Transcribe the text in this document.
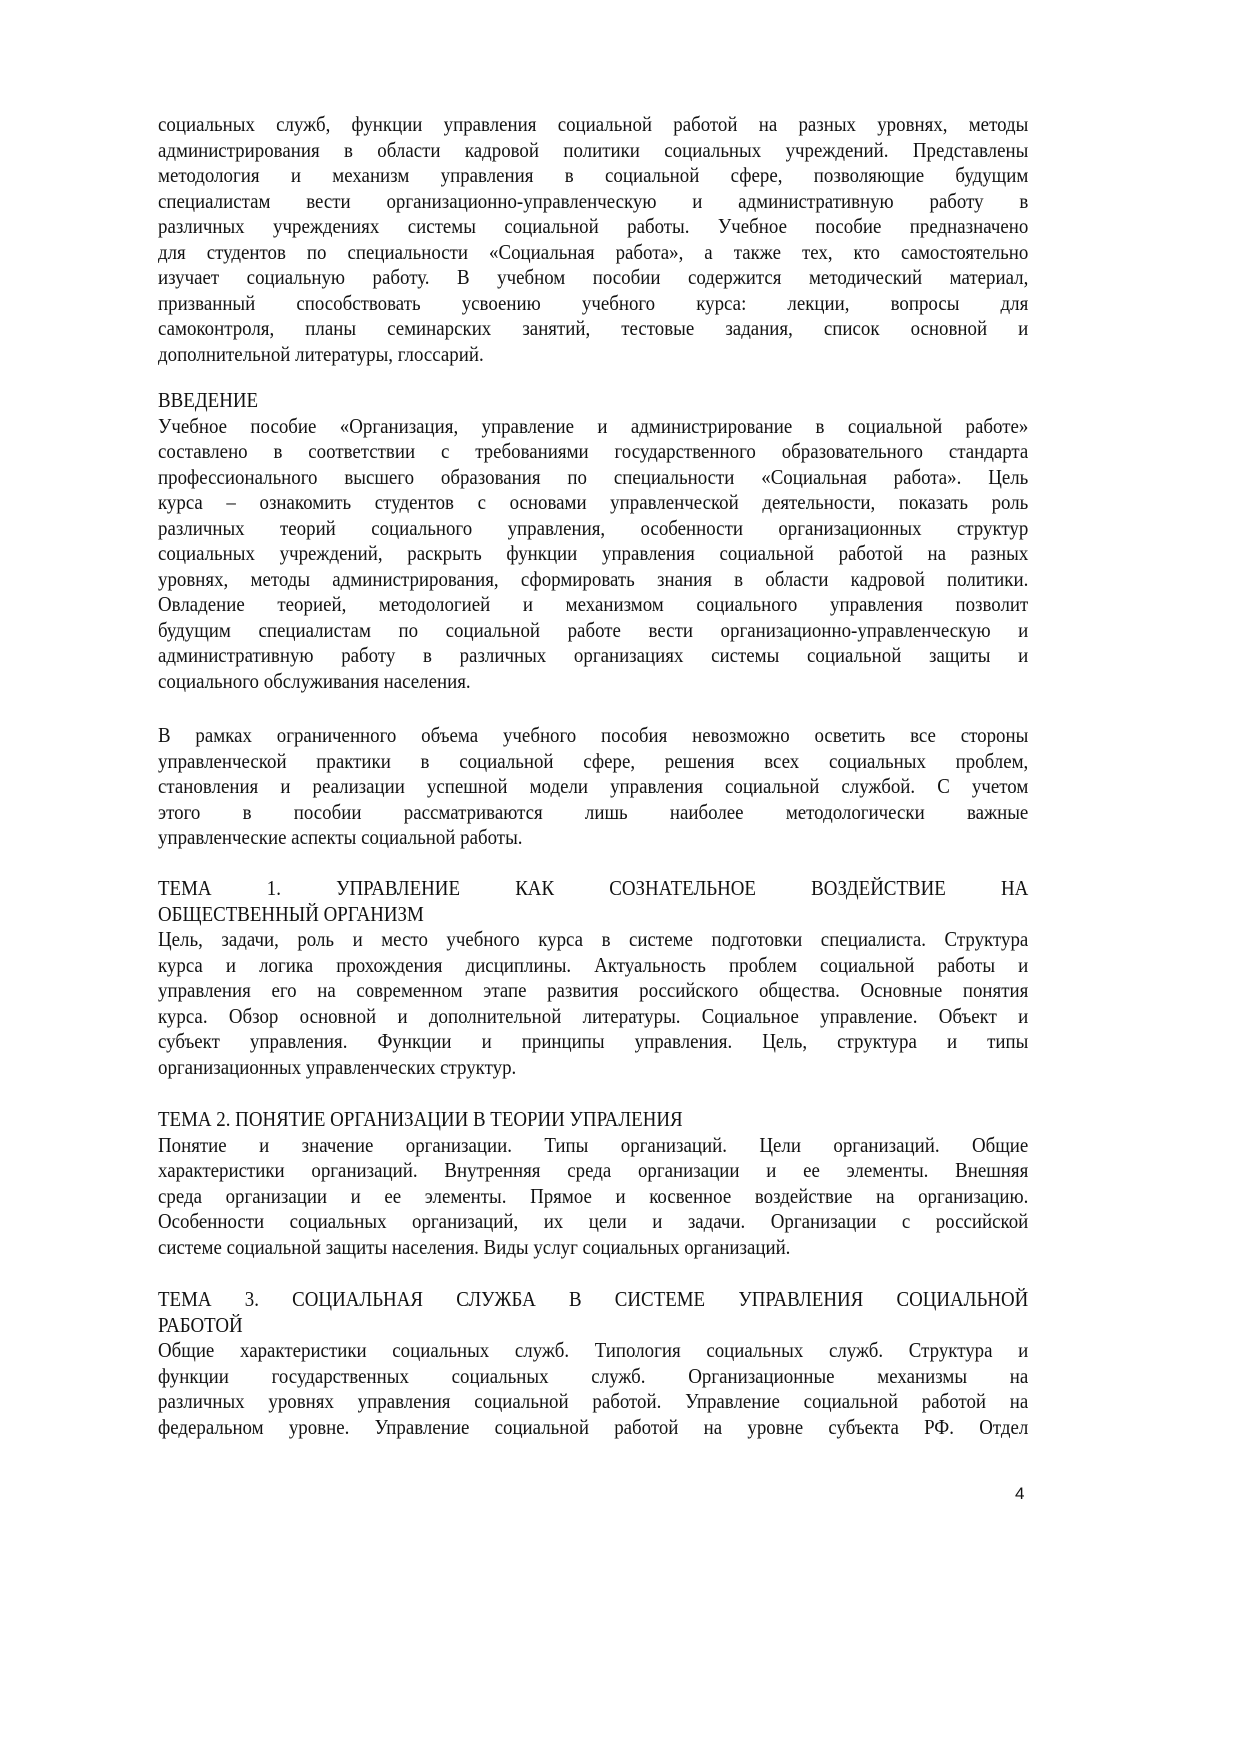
социальных служб, функции управления социальной работой на разных уровнях, методы
администрирования в области кадровой политики социальных учреждений. Представлены
методология и механизм управления в социальной сфере, позволяющие будущим
специалистам вести организационно-управленческую и административную работу в
различных учреждениях системы социальной работы. Учебное пособие предназначено
для студентов по специальности «Социальная работа», а также тех, кто самостоятельно
изучает социальную работу. В учебном пособии содержится методический материал,
призванный способствовать усвоению учебного курса: лекции, вопросы для
самоконтроля, планы семинарских занятий, тестовые задания, список основной и
дополнительной литературы, глоссарий.
ВВЕДЕНИЕ
Учебное пособие «Организация, управление и администрирование в социальной работе»
составлено в соответствии с требованиями государственного образовательного стандарта
профессионального высшего образования по специальности «Социальная работа». Цель
курса – ознакомить студентов с основами управленческой деятельности, показать роль
различных теорий социального управления, особенности организационных структур
социальных учреждений, раскрыть функции управления социальной работой на разных
уровнях, методы администрирования, сформировать знания в области кадровой политики.
Овладение теорией, методологией и механизмом социального управления позволит
будущим специалистам по социальной работе вести организационно-управленческую и
административную работу в различных организациях системы социальной защиты и
социального обслуживания населения.
В рамках ограниченного объема учебного пособия невозможно осветить все стороны
управленческой практики в социальной сфере, решения всех социальных проблем,
становления и реализации успешной модели управления социальной службой. С учетом
этого в пособии рассматриваются лишь наиболее методологически важные
управленческие аспекты социальной работы.
ТЕМА 1. УПРАВЛЕНИЕ КАК СОЗНАТЕЛЬНОЕ ВОЗДЕЙСТВИЕ НА
ОБЩЕСТВЕННЫЙ ОРГАНИЗМ
Цель, задачи, роль и место учебного курса в системе подготовки специалиста. Структура
курса и логика прохождения дисциплины. Актуальность проблем социальной работы и
управления его на современном этапе развития российского общества. Основные понятия
курса. Обзор основной и дополнительной литературы. Социальное управление. Объект и
субъект управления. Функции и принципы управления. Цель, структура и типы
организационных управленческих структур.
ТЕМА 2. ПОНЯТИЕ ОРГАНИЗАЦИИ В ТЕОРИИ УПРАЛЕНИЯ
Понятие и значение организации. Типы организаций. Цели организаций. Общие
характеристики организаций. Внутренняя среда организации и ее элементы. Внешняя
среда организации и ее элементы. Прямое и косвенное воздействие на организацию.
Особенности социальных организаций, их цели и задачи. Организации с российской
системе социальной защиты населения. Виды услуг социальных организаций.
ТЕМА 3. СОЦИАЛЬНАЯ СЛУЖБА В СИСТЕМЕ УПРАВЛЕНИЯ СОЦИАЛЬНОЙ
РАБОТОЙ
Общие характеристики социальных служб. Типология социальных служб. Структура и
функции государственных социальных служб. Организационные механизмы на
различных уровнях управления социальной работой. Управление социальной работой на
федеральном уровне. Управление социальной работой на уровне субъекта РФ. Отдел
4
